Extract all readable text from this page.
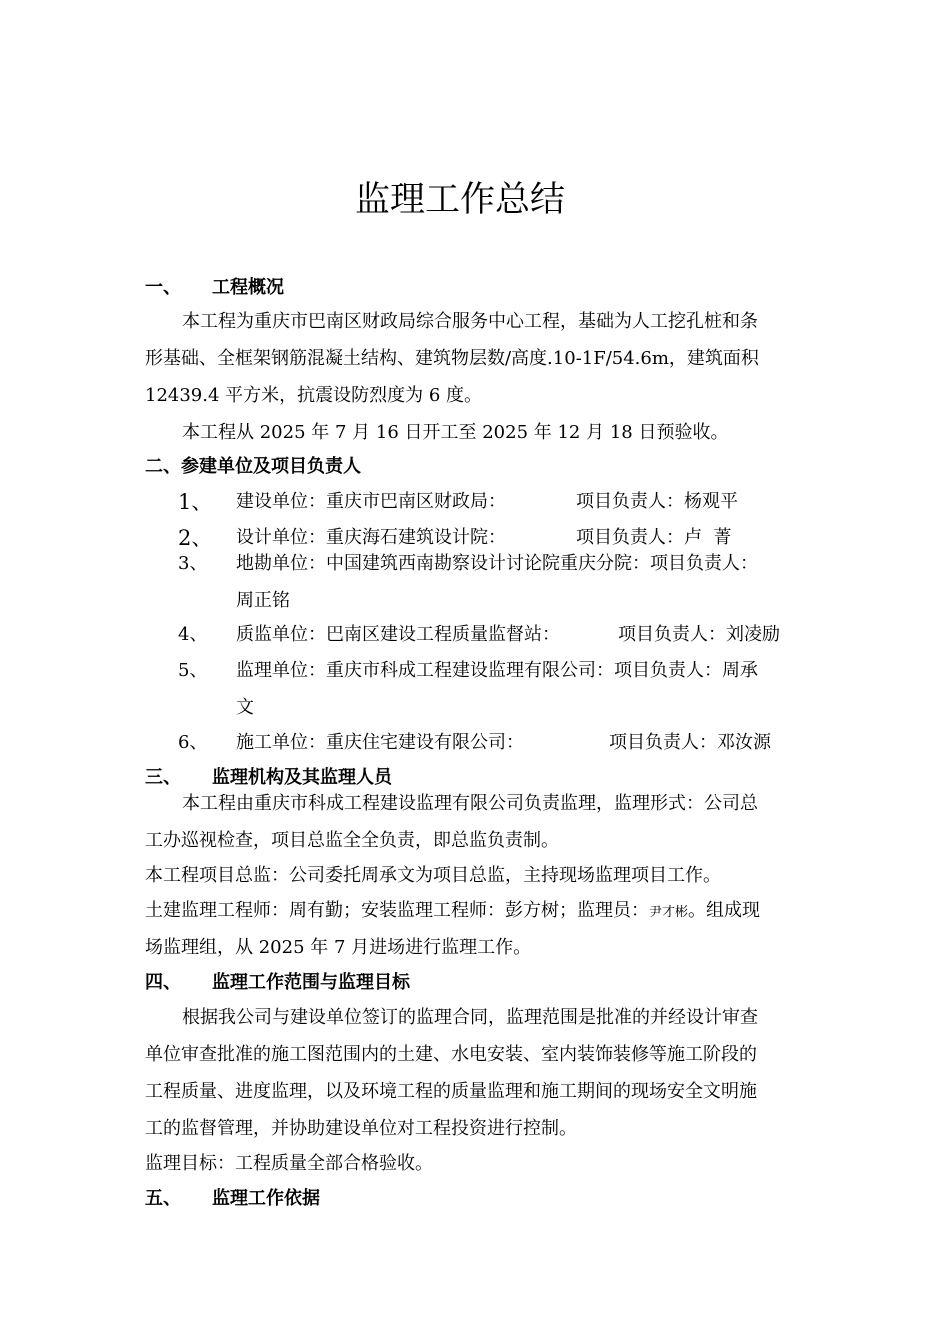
监理工作总结
一、 工程概况
本工程为重庆市巴南区财政局综合服务中心工程，基础为人工挖孔桩和条
形基础、全框架钢筋混凝土结构、建筑物层数/高度.10-1F/54.6m，建筑面积
12439.4 平方米，抗震设防烈度为 6 度。
本工程从 2025 年 7 月 16 日开工至 2025 年 12 月 18 日预验收。
二、参建单位及项目负责人
1、 建设单位：重庆市巴南区财政局：	项目负责人：杨观平
2、 设计单位：重庆海石建筑设计院：	项目负责人：卢  菁
3、 地勘单位：中国建筑西南勘察设计讨论院重庆分院：项目负责人：
周正铭
4、 质监单位：巴南区建设工程质量监督站：	项目负责人：刘凌励
5、 监理单位：重庆市科成工程建设监理有限公司：项目负责人：周承
文
6、 施工单位：重庆住宅建设有限公司：	项目负责人：邓汝源
三、 监理机构及其监理人员
本工程由重庆市科成工程建设监理有限公司负责监理，监理形式：公司总
工办巡视检查，项目总监全全负责，即总监负责制。
本工程项目总监：公司委托周承文为项目总监，主持现场监理项目工作。
土建监理工程师：周有勤；安装监理工程师：彭方树；监理员：尹才彬。组成现
场监理组，从 2025 年 7 月进场进行监理工作。
四、 监理工作范围与监理目标
根据我公司与建设单位签订的监理合同，监理范围是批准的并经设计审查
单位审查批准的施工图范围内的土建、水电安装、室内装饰装修等施工阶段的
工程质量、进度监理，以及环境工程的质量监理和施工期间的现场安全文明施
工的监督管理，并协助建设单位对工程投资进行控制。
监理目标：工程质量全部合格验收。
五、 监理工作依据
